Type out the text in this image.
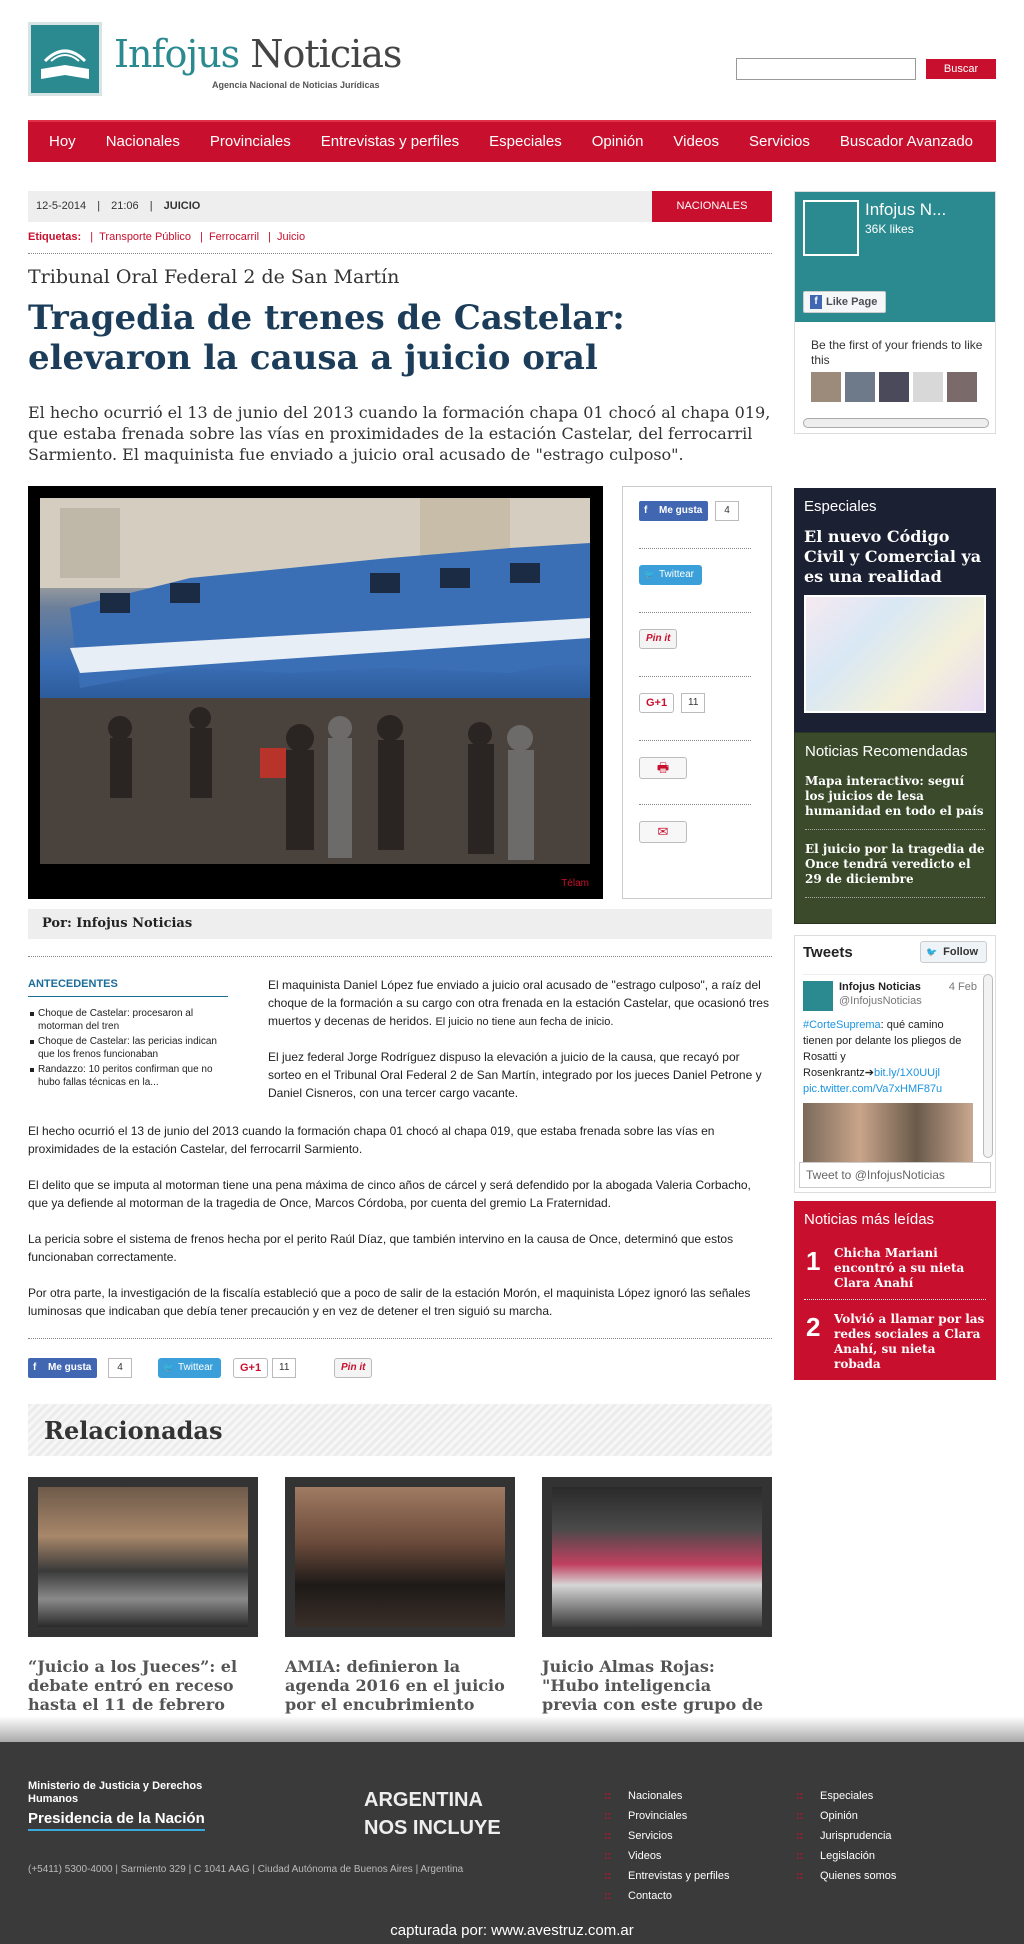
Infojus Noticias
Agencia Nacional de Noticias Jurídicas
Buscar
Hoy	Nacionales	Provinciales	Entrevistas y perfiles	Especiales	Opinión	Videos	Servicios	Buscador Avanzado
12-5-2014 | 21:06 | JUICIO	NACIONALES
Etiquetas: | Transporte Público | Ferrocarril | Juicio
Tribunal Oral Federal 2 de San Martín
Tragedia de trenes de Castelar: elevaron la causa a juicio oral

El hecho ocurrió el 13 de junio del 2013 cuando la formación chapa 01 chocó al chapa 019, que estaba frenada sobre las vías en proximidades de la estación Castelar, del ferrocarril Sarmiento. El maquinista fue enviado a juicio oral acusado de "estrago culposo".

Télam
f Me gusta	4
🐦 Twittear
Pin it
G+1	11
🖶
✉
Por: Infojus Noticias
ANTECEDENTES
Choque de Castelar: procesaron al motorman del tren
Choque de Castelar: las pericias indican que los frenos funcionaban
Randazzo: 10 peritos confirman que no hubo fallas técnicas en la...

El maquinista Daniel López fue enviado a juicio oral acusado de "estrago culposo", a raíz del choque de la formación a su cargo con otra frenada en la estación Castelar, que ocasionó tres muertos y decenas de heridos. El juicio no tiene aun fecha de inicio.

El juez federal Jorge Rodríguez dispuso la elevación a juicio de la causa, que recayó por sorteo en el Tribunal Oral Federal 2 de San Martín, integrado por los jueces Daniel Petrone y Daniel Cisneros, con una tercer cargo vacante.

El hecho ocurrió el 13 de junio del 2013 cuando la formación chapa 01 chocó al chapa 019, que estaba frenada sobre las vías en proximidades de la estación Castelar, del ferrocarril Sarmiento.

El delito que se imputa al motorman tiene una pena máxima de cinco años de cárcel y será defendido por la abogada Valeria Corbacho, que ya defiende al motorman de la tragedia de Once, Marcos Córdoba, por cuenta del gremio La Fraternidad.

La pericia sobre el sistema de frenos hecha por el perito Raúl Díaz, que también intervino en la causa de Once, determinó que estos funcionaban correctamente.

Por otra parte, la investigación de la fiscalía estableció que a poco de salir de la estación Morón, el maquinista López ignoró las señales luminosas que indicaban que debía tener precaución y en vez de detener el tren siguió su marcha.

f Me gusta	4	🐦 Twittear	G+1	11	Pin it
Relacionadas
“Juicio a los Jueces”: el debate entró en receso hasta el 11 de febrero
AMIA: definieron la agenda 2016 en el juicio por el encubrimiento
Juicio Almas Rojas: "Hubo inteligencia previa con este grupo de
Infojus N...
36K likes
f Like Page
Be the first of your friends to like this
Especiales
El nuevo Código Civil y Comercial ya es una realidad
Noticias Recomendadas
Mapa interactivo: seguí los juicios de lesa humanidad en todo el país
El juicio por la tragedia de Once tendrá veredicto el 29 de diciembre
Tweets	🐦 Follow
Infojus Noticias
@InfojusNoticias
4 Feb
#CorteSuprema: qué camino tienen por delante los pliegos de Rosatti y Rosenkrantz➔bit.ly/1X0UUjl pic.twitter.com/Va7xHMF87u
Tweet to @InfojusNoticias
Noticias más leídas
1 Chicha Mariani encontró a su nieta Clara Anahí
2 Volvió a llamar por las redes sociales a Clara Anahí, su nieta robada
Ministerio de Justicia y Derechos Humanos
Presidencia de la Nación
ARGENTINA
NOS INCLUYE
(+5411) 5300-4000 | Sarmiento 329 | C 1041 AAG | Ciudad Autónoma de Buenos Aires | Argentina
:: Nacionales
:: Provinciales
:: Servicios
:: Videos
:: Entrevistas y perfiles
:: Contacto
:: Especiales
:: Opinión
:: Jurisprudencia
:: Legislación
:: Quienes somos
capturada por: www.avestruz.com.ar
